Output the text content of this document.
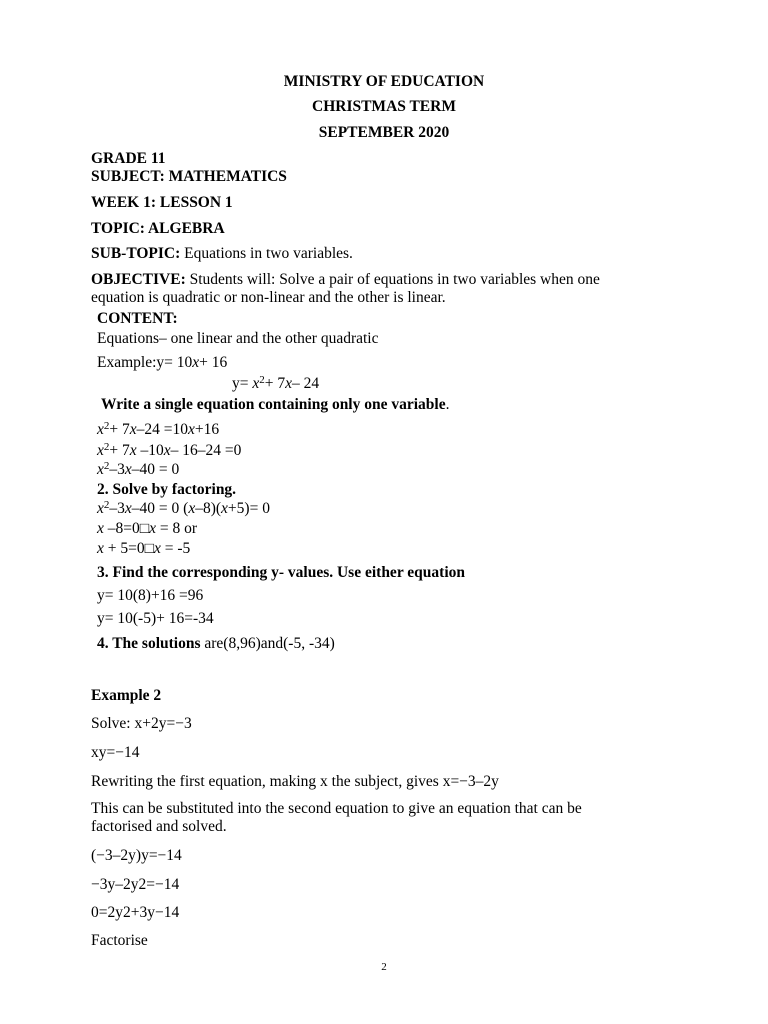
MINISTRY OF EDUCATION
CHRISTMAS TERM
SEPTEMBER 2020
GRADE 11
SUBJECT: MATHEMATICS
WEEK 1: LESSON 1
TOPIC: ALGEBRA
SUB-TOPIC: Equations in two variables.
OBJECTIVE: Students will: Solve a pair of equations in two variables when one
equation is quadratic or non-linear and the other is linear.
CONTENT:
Equations– one linear and the other quadratic
Example:y= 10x+ 16
$y= x^2+ 7x-$ 24
Write a single equation containing only one variable.
$x^2+ 7x-24 =10x+16$
$x^2+ 7x$ –10x– 16–24 =0
$x^2-3x-40 = 0$
2. Solve by factoring.
$x^2-3x-40 = 0$ (x–8)(x+5)= 0
x –8=0□x = 8 or
x + 5=0□x = -5
3. Find the corresponding y- values. Use either equation
y= 10(8)+16 =96
y= 10(-5)+ 16=-34
4. The solutions are(8,96)and(-5, -34)
Example 2
Solve: x+2y=−3
xy=−14
Rewriting the first equation, making x the subject, gives x=−3–2y
This can be substituted into the second equation to give an equation that can be
factorised and solved.
(−3–2y)y=−14
−3y–2y2=−14
0=2y2+3y−14
Factorise
2
